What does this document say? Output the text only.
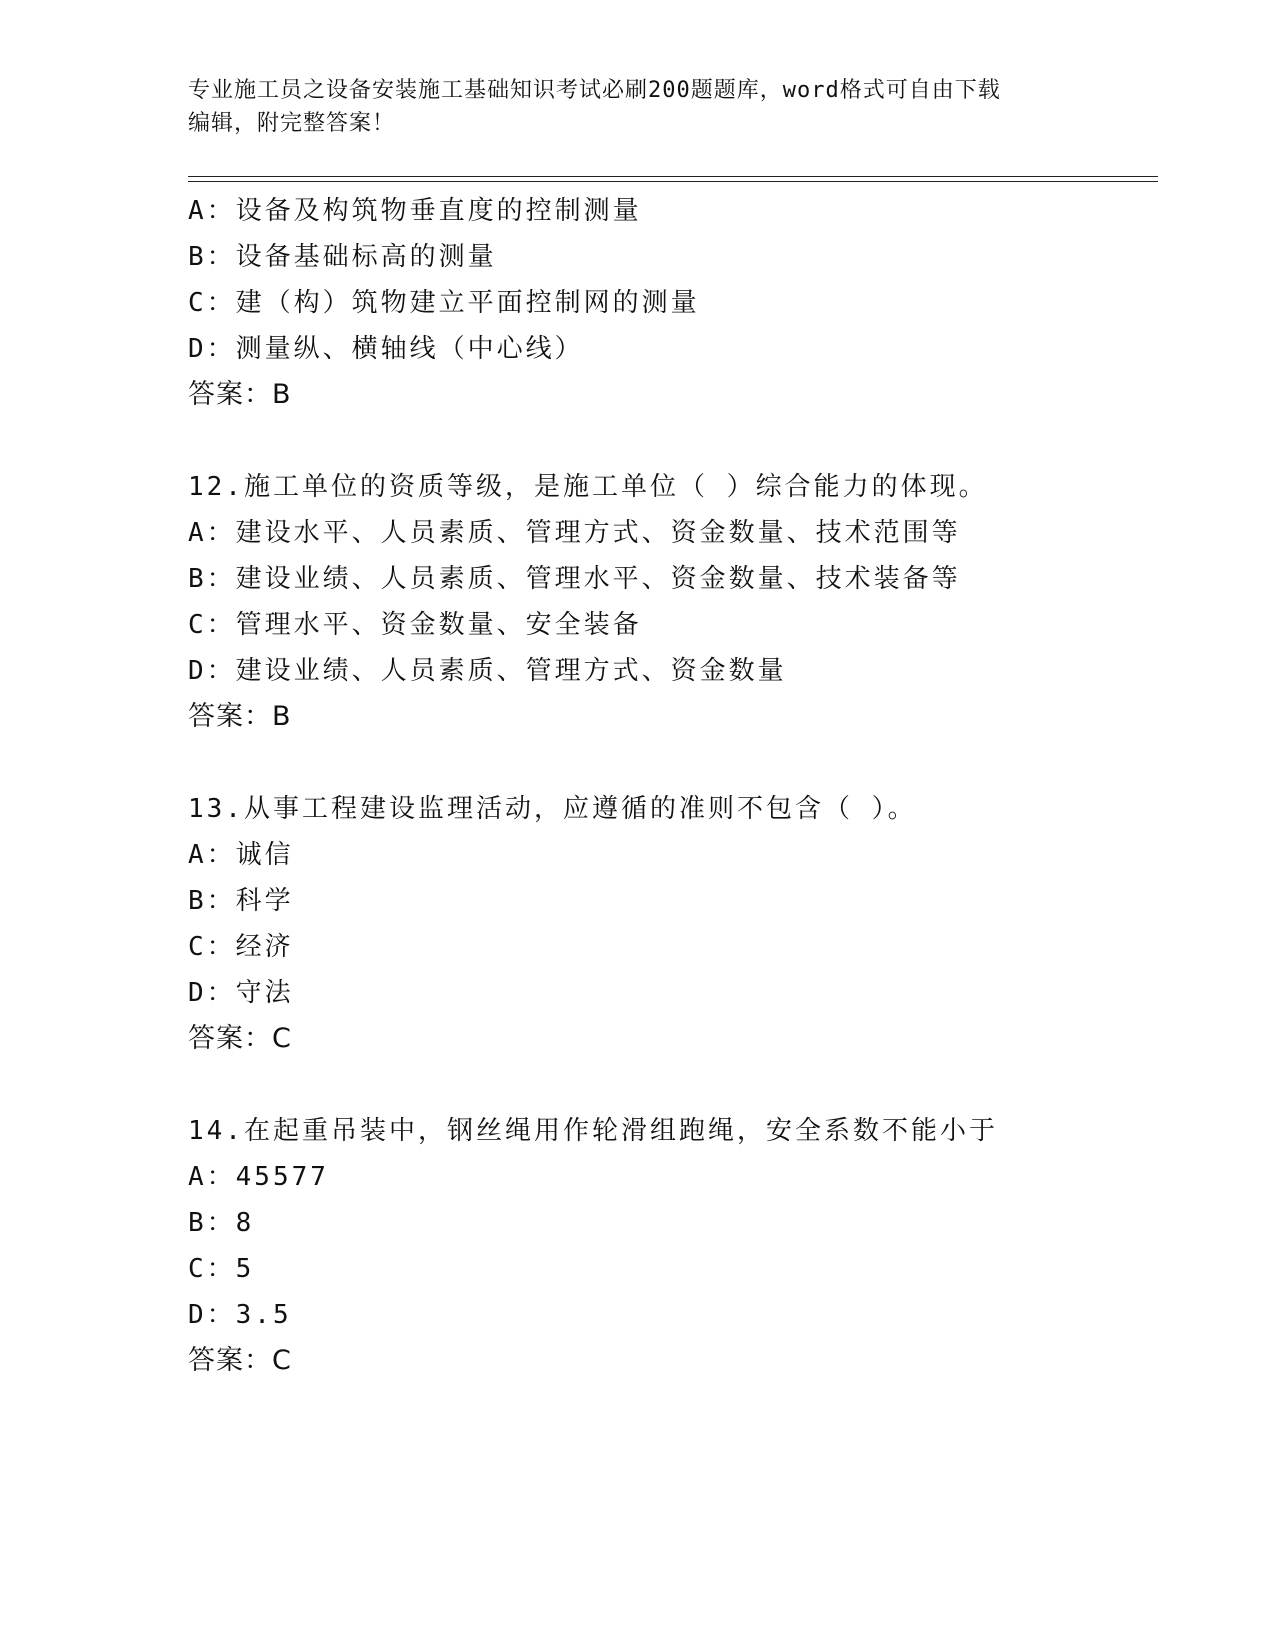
专业施工员之设备安装施工基础知识考试必刷200题题库，word格式可自由下载
编辑，附完整答案！
A：设备及构筑物垂直度的控制测量
B：设备基础标高的测量
C：建（构）筑物建立平面控制网的测量
D：测量纵、横轴线（中心线）
答案：B
12.施工单位的资质等级，是施工单位（ ）综合能力的体现。
A：建设水平、人员素质、管理方式、资金数量、技术范围等
B：建设业绩、人员素质、管理水平、资金数量、技术装备等
C：管理水平、资金数量、安全装备
D：建设业绩、人员素质、管理方式、资金数量
答案：B
13.从事工程建设监理活动，应遵循的准则不包含（ ）。
A：诚信
B：科学
C：经济
D：守法
答案：C
14.在起重吊装中，钢丝绳用作轮滑组跑绳，安全系数不能小于
A：45577
B：8
C：5
D：3.5
答案：C
